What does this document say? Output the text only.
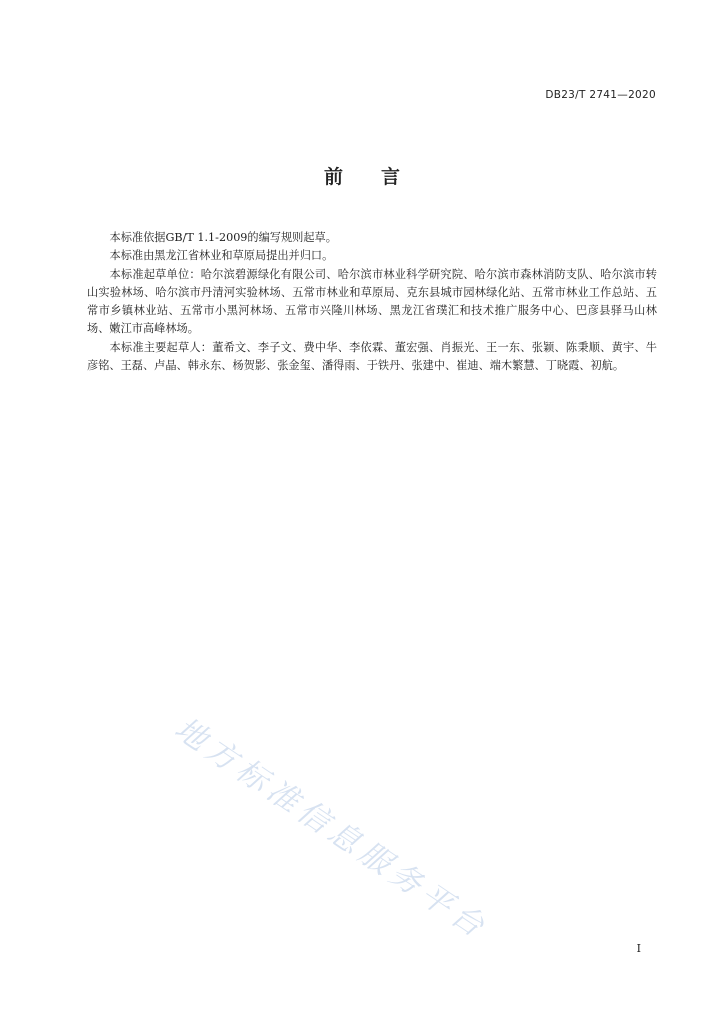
DB23/T 2741—2020
前 言

本标准依据GB/T 1.1-2009的编写规则起草。

本标准由黑龙江省林业和草原局提出并归口。

本标准起草单位：哈尔滨碧源绿化有限公司、哈尔滨市林业科学研究院、哈尔滨市森林消防支队、哈尔滨市转山实验林场、哈尔滨市丹清河实验林场、五常市林业和草原局、克东县城市园林绿化站、五常市林业工作总站、五常市乡镇林业站、五常市小黑河林场、五常市兴隆川林场、黑龙江省璞汇和技术推广服务中心、巴彦县驿马山林场、嫩江市高峰林场。

本标准主要起草人：董希文、李子文、费中华、李依霖、董宏强、肖振光、王一东、张颖、陈秉顺、黄宇、牛彦铭、王磊、卢晶、韩永东、杨贺影、张金玺、潘得雨、于铁丹、张建中、崔迪、端木繁慧、丁晓霞、初航。

地方标准信息服务平台
I
